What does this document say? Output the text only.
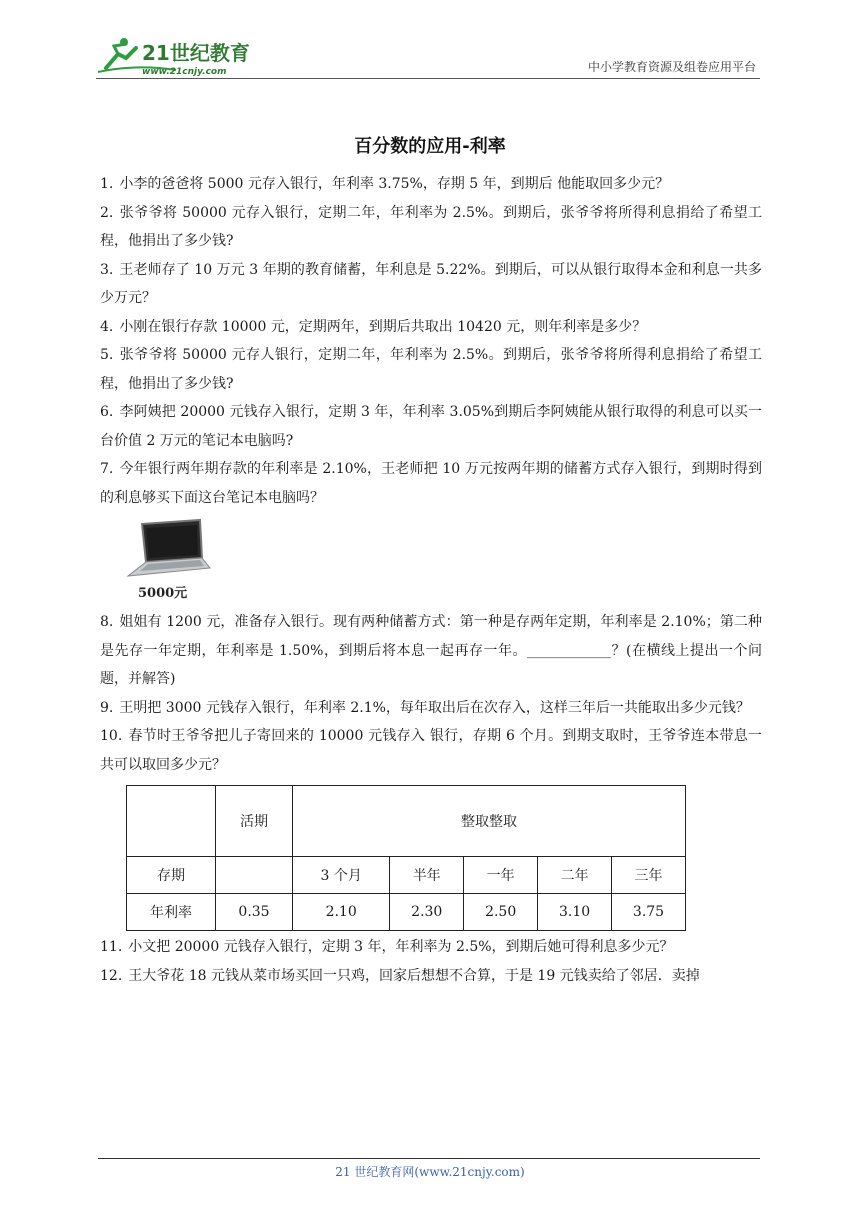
21世纪教育
www.21cnjy.com	中小学教育资源及组卷应用平台
百分数的应用-利率

1. 小李的爸爸将 5000 元存入银行，年利率 3.75%，存期 5 年，到期后 他能取回多少元？

2. 张爷爷将 50000 元存入银行，定期二年，年利率为 2.5%。到期后，张爷爷将所得利息捐给了希望工程，他捐出了多少钱?

3. 王老师存了 10 万元 3 年期的教育储蓄，年利息是 5.22%。到期后，可以从银行取得本金和利息一共多少万元？

4. 小刚在银行存款 10000 元，定期两年，到期后共取出 10420 元，则年利率是多少？

5. 张爷爷将 50000 元存人银行，定期二年，年利率为 2.5%。到期后，张爷爷将所得利息捐给了希望工程，他捐出了多少钱?

6. 李阿姨把 20000 元钱存入银行，定期 3 年，年利率 3.05%到期后李阿姨能从银行取得的利息可以买一台价值 2 万元的笔记本电脑吗?

7. 今年银行两年期存款的年利率是 2.10%，王老师把 10 万元按两年期的储蓄方式存入银行，到期时得到的利息够买下面这台笔记本电脑吗？

5000元

8. 姐姐有 1200 元，准备存入银行。现有两种储蓄方式：第一种是存两年定期，年利率是 2.10%；第二种是先存一年定期，年利率是 1.50%，到期后将本息一起再存一年。____________？(在横线上提出一个问题，并解答)

9. 王明把 3000 元钱存入银行，年利率 2.1%，每年取出后在次存入，这样三年后一共能取出多少元钱？

10. 春节时王爷爷把儿子寄回来的 10000 元钱存入 银行，存期 6 个月。到期支取时，王爷爷连本带息一共可以取回多少元？

	活期	整取整取				
存期		3 个月	半年	一年	二年	三年
年利率	0.35	2.10	2.30	2.50	3.10	3.75

11. 小文把 20000 元钱存入银行，定期 3 年，年利率为 2.5%，到期后她可得利息多少元？

12. 王大爷花 18 元钱从菜市场买回一只鸡，回家后想想不合算，于是 19 元钱卖给了邻居．卖掉

21 世纪教育网(www.21cnjy.com)
